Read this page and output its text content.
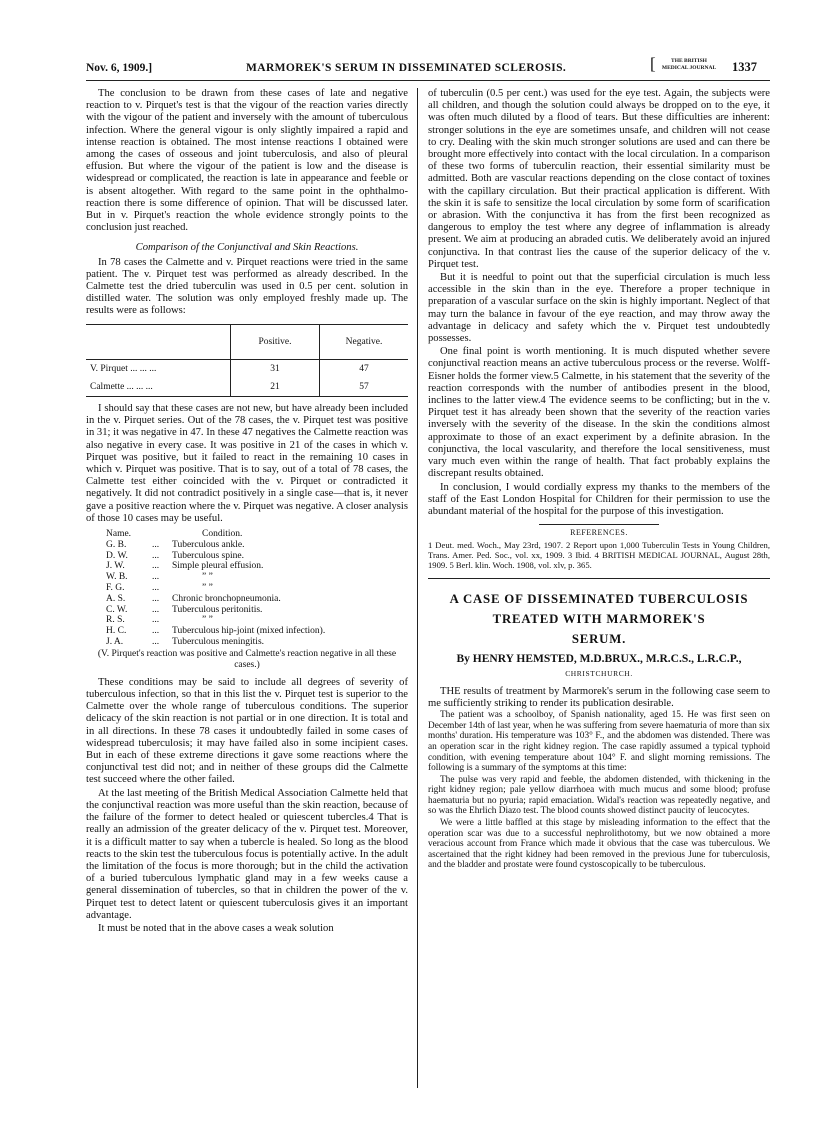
Nov. 6, 1909.]	MARMOREK'S SERUM IN DISSEMINATED SCLEROSIS.	[	THE BRITISH
MEDICAL JOURNAL	1337

The conclusion to be drawn from these cases of late and negative reaction to v. Pirquet's test is that the vigour of the reaction varies directly with the vigour of the patient and inversely with the amount of tuberculous infection. Where the general vigour is only slightly impaired a rapid and intense reaction is obtained. The most intense reactions I obtained were among the cases of osseous and joint tuberculosis, and also of pleural effusion. But where the vigour of the patient is low and the disease is widespread or complicated, the reaction is late in appearance and feeble or is absent altogether. With regard to the same point in the ophthalmo-reaction there is some difference of opinion. That will be discussed later. But in v. Pirquet's reaction the whole evidence strongly points to the conclusion just reached.

Comparison of the Conjunctival and Skin Reactions.

In 78 cases the Calmette and v. Pirquet reactions were tried in the same patient. The v. Pirquet test was performed as already described. In the Calmette test the dried tuberculin was used in 0.5 per cent. solution in distilled water. The solution was only employed freshly made up. The results were as follows:

	Positive.	Negative.
V. Pirquet ... ... ...	31	47
Calmette ... ... ...	21	57

I should say that these cases are not new, but have already been included in the v. Pirquet series. Out of the 78 cases, the v. Pirquet test was positive in 31; it was negative in 47. In these 47 negatives the Calmette reaction was also negative in every case. It was positive in 21 of the cases in which v. Pirquet was positive, but it failed to react in the remaining 10 cases in which v. Pirquet was positive. That is to say, out of a total of 78 cases, the Calmette test either coincided with the v. Pirquet or contradicted it negatively. It did not contradict positively in a single case—that is, it never gave a positive reaction where the v. Pirquet was negative. A closer analysis of those 10 cases may be useful.

Name.		Condition.
G. B.	...	Tuberculous ankle.
D. W.	...	Tuberculous spine.
J. W.	...	Simple pleural effusion.
W. B.	...	” ”
F. G.	...	” ”
A. S.	...	Chronic bronchopneumonia.
C. W.	...	Tuberculous peritonitis.
R. S.	...	” ”
H. C.	...	Tuberculous hip-joint (mixed infection).
J. A.	...	Tuberculous meningitis.
(V. Pirquet's reaction was positive and Calmette's reaction negative in all these cases.)

These conditions may be said to include all degrees of severity of tuberculous infection, so that in this list the v. Pirquet test is superior to the Calmette over the whole range of tuberculous conditions. The superior delicacy of the skin reaction is not partial or in one direction. It is total and in all directions. In these 78 cases it undoubtedly failed in some cases of widespread tuberculosis; it may have failed also in some incipient cases. But in each of these extreme directions it gave some reactions where the conjunctival test did not; and in neither of these groups did the Calmette test succeed where the other failed.

At the last meeting of the British Medical Association Calmette held that the conjunctival reaction was more useful than the skin reaction, because of the failure of the former to detect healed or quiescent tubercles.4 That is really an admission of the greater delicacy of the v. Pirquet test. Moreover, it is a difficult matter to say when a tubercle is healed. So long as the blood reacts to the skin test the tuberculous focus is potentially active. In the adult the limitation of the focus is more thorough; but in the child the activation of a buried tuberculous lymphatic gland may in a few weeks cause a general dissemination of tubercles, so that in children the power of the v. Pirquet test to detect latent or quiescent tuberculosis gives it an important advantage.

It must be noted that in the above cases a weak solution

of tuberculin (0.5 per cent.) was used for the eye test. Again, the subjects were all children, and though the solution could always be dropped on to the eye, it was often much diluted by a flood of tears. But these difficulties are inherent: stronger solutions in the eye are sometimes unsafe, and children will not cease to cry. Dealing with the skin much stronger solutions are used and can there be brought more effectively into contact with the local circulation. In a comparison of these two forms of tuberculin reaction, their essential similarity must be admitted. Both are vascular reactions depending on the close contact of toxines with the capillary circulation. But their practical application is different. With the skin it is safe to sensitize the local circulation by some form of scarification or abrasion. With the conjunctiva it has from the first been recognized as dangerous to employ the test where any degree of inflammation is already present. We aim at producing an abraded cutis. We deliberately avoid an injured conjunctiva. In that contrast lies the cause of the superior delicacy of the v. Pirquet test.

But it is needful to point out that the superficial circulation is much less accessible in the skin than in the eye. Therefore a proper technique in preparation of a vascular surface on the skin is highly important. Neglect of that may turn the balance in favour of the eye reaction, and may throw away the advantage in delicacy and safety which the v. Pirquet test undoubtedly possesses.

One final point is worth mentioning. It is much disputed whether severe conjunctival reaction means an active tuberculous process or the reverse. Wolff-Eisner holds the former view.5 Calmette, in his statement that the severity of the reaction corresponds with the number of antibodies present in the blood, inclines to the latter view.4 The evidence seems to be conflicting; but in the v. Pirquet test it has already been shown that the severity of the reaction varies inversely with the severity of the disease. In the skin the conditions almost approximate to those of an exact experiment by a definite abrasion. In the conjunctiva, the local vascularity, and therefore the local sensitiveness, must vary much even within the range of health. That fact probably explains the discrepant results obtained.

In conclusion, I would cordially express my thanks to the members of the staff of the East London Hospital for Children for their permission to use the abundant material of the hospital for the purpose of this investigation.

REFERENCES.
1 Deut. med. Woch., May 23rd, 1907. 2 Report upon 1,000 Tuberculin Tests in Young Children, Trans. Amer. Ped. Soc., vol. xx, 1909. 3 Ibid. 4 BRITISH MEDICAL JOURNAL, August 28th, 1909. 5 Berl. klin. Woch. 1908, vol. xlv, p. 365.
A CASE OF DISSEMINATED TUBERCULOSIS
TREATED WITH MARMOREK'S
SERUM.
By HENRY HEMSTED, M.D.BRUX., M.R.C.S., L.R.C.P.,
CHRISTCHURCH.

THE results of treatment by Marmorek's serum in the following case seem to me sufficiently striking to render its publication desirable.

The patient was a schoolboy, of Spanish nationality, aged 15. He was first seen on December 14th of last year, when he was suffering from severe haematuria of more than six months' duration. His temperature was 103° F., and the abdomen was distended. There was an operation scar in the right kidney region. The case rapidly assumed a typical typhoid condition, with evening temperature about 104° F. and slight morning remissions. The following is a summary of the symptoms at this time:

The pulse was very rapid and feeble, the abdomen distended, with thickening in the right kidney region; pale yellow diarrhoea with much mucus and some blood; profuse haematuria but no pyuria; rapid emaciation. Widal's reaction was repeatedly negative, and so was the Ehrlich Diazo test. The blood counts showed distinct paucity of leucocytes.

We were a little baffled at this stage by misleading information to the effect that the operation scar was due to a successful nephrolithotomy, but we now obtained a more veracious account from France which made it obvious that the case was tuberculous. We ascertained that the right kidney had been removed in the previous June for tuberculosis, and the bladder and prostate were found cystoscopically to be tuberculous.
